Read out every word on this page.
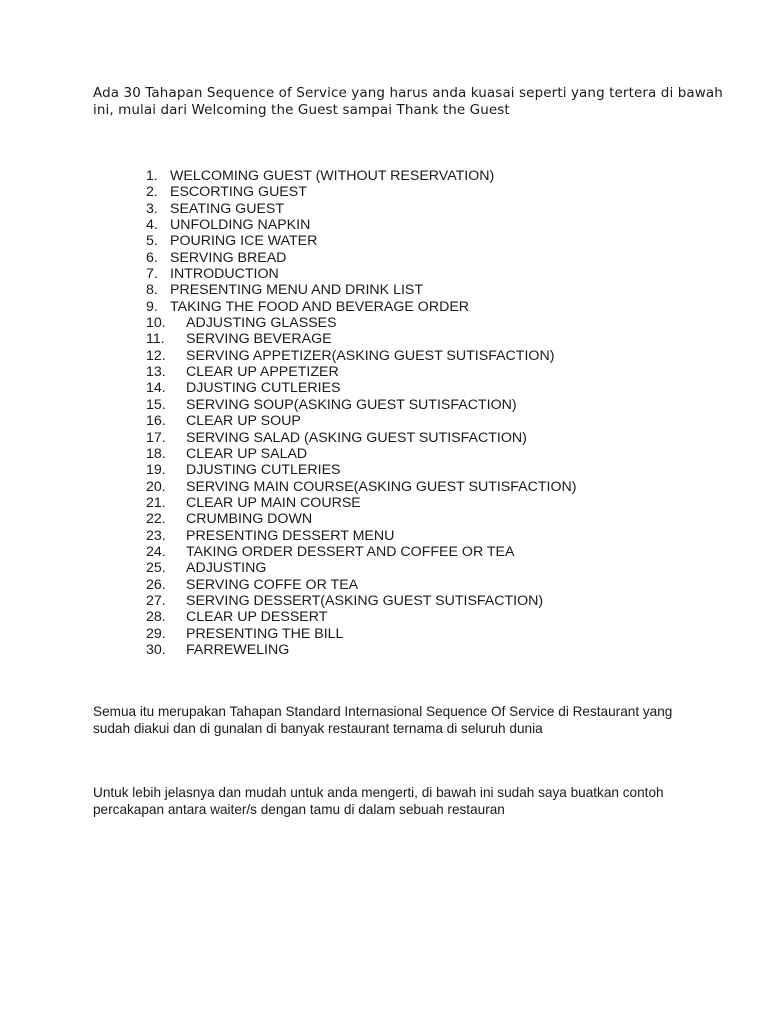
Ada 30 Tahapan Sequence of Service yang harus anda kuasai seperti yang tertera di bawah ini, mulai dari Welcoming the Guest sampai Thank the Guest

1. WELCOMING GUEST (WITHOUT RESERVATION)
2. ESCORTING GUEST
3. SEATING GUEST
4. UNFOLDING NAPKIN
5. POURING ICE WATER
6. SERVING BREAD
7. INTRODUCTION
8. PRESENTING MENU AND DRINK LIST
9. TAKING THE FOOD AND BEVERAGE ORDER
10. ADJUSTING GLASSES
11. SERVING BEVERAGE
12. SERVING APPETIZER(ASKING GUEST SUTISFACTION)
13. CLEAR UP APPETIZER
14. DJUSTING CUTLERIES
15. SERVING SOUP(ASKING GUEST SUTISFACTION)
16. CLEAR UP SOUP
17. SERVING SALAD (ASKING GUEST SUTISFACTION)
18. CLEAR UP SALAD
19. DJUSTING CUTLERIES
20. SERVING MAIN COURSE(ASKING GUEST SUTISFACTION)
21. CLEAR UP MAIN COURSE
22. CRUMBING DOWN
23. PRESENTING DESSERT MENU
24. TAKING ORDER DESSERT AND COFFEE OR TEA
25. ADJUSTING
26. SERVING COFFE OR TEA
27. SERVING DESSERT(ASKING GUEST SUTISFACTION)
28. CLEAR UP DESSERT
29. PRESENTING THE BILL
30. FARREWELING

Semua itu merupakan Tahapan Standard Internasional Sequence Of Service di Restaurant yang sudah diakui dan di gunalan di banyak restaurant ternama di seluruh dunia

Untuk lebih jelasnya dan mudah untuk anda mengerti, di bawah ini sudah saya buatkan contoh percakapan antara waiter/s dengan tamu di dalam sebuah restauran
